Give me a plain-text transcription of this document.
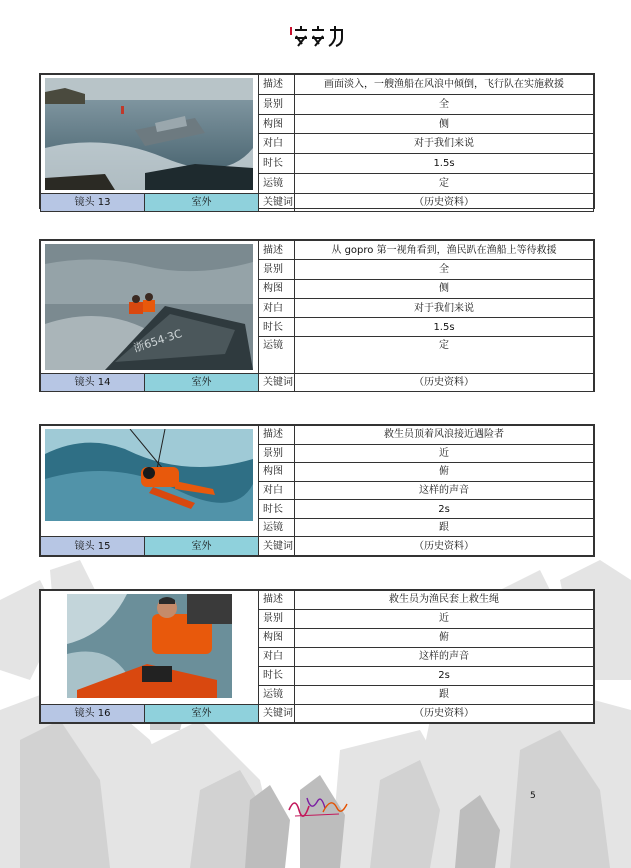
	描述	画面淡入，一艘渔船在风浪中倾倒，飞行队在实施救援
		景别	全
		构图	侧
		对白	对于我们来说
		时长	1.5s
		运镜	定
镜头 13	室外	关键词	（历史资料）
浙654·3C		描述	从 gopro 第一视角看到，渔民趴在渔船上等待救援
		景别	全
		构图	侧
		对白	对于我们来说
		时长	1.5s
		运镜	定
镜头 14	室外	关键词	（历史资料）
	描述	救生员顶着风浪接近遇险者
		景别	近
		构图	俯
		对白	这样的声音
		时长	2s
		运镜	跟
镜头 15	室外	关键词	（历史资料）
	描述	救生员为渔民套上救生绳
		景别	近
		构图	俯
		对白	这样的声音
		时长	2s
		运镜	跟
镜头 16	室外	关键词	（历史资料）
5
